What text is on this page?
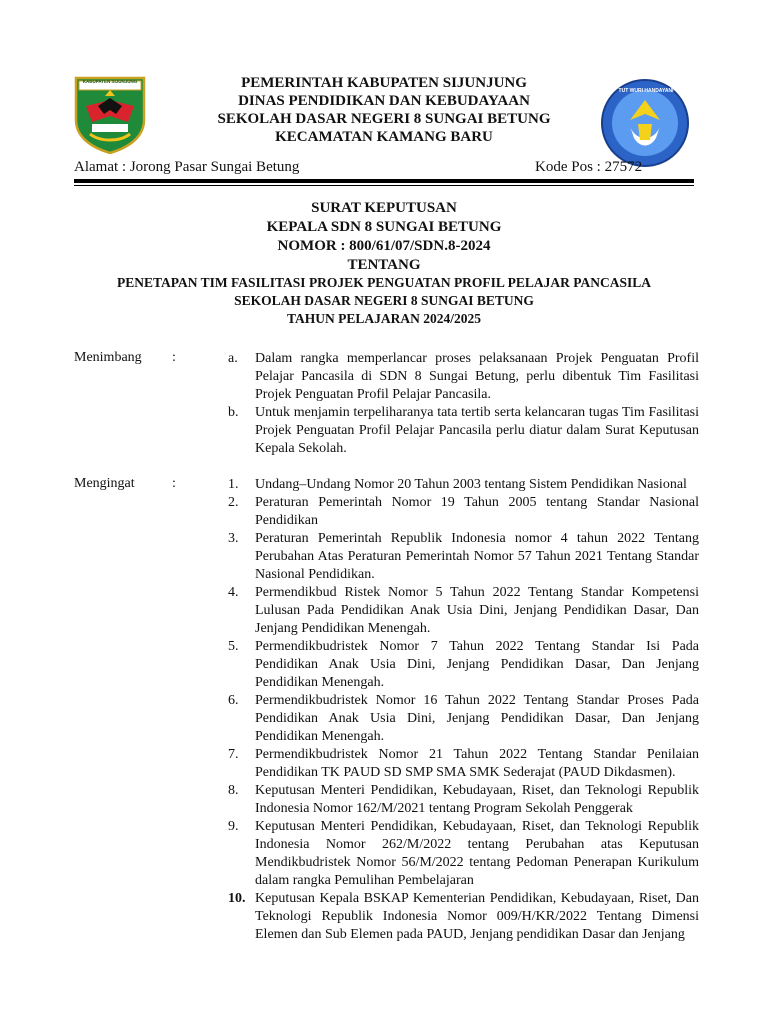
KABUPATEN SIJUNJUNG
TUT WURI HANDAYANI
PEMERINTAH KABUPATEN SIJUNJUNG
DINAS PENDIDIKAN DAN KEBUDAYAAN
SEKOLAH DASAR NEGERI 8 SUNGAI BETUNG
KECAMATAN KAMANG BARU
Alamat : Jorong Pasar Sungai Betung	Kode Pos : 27572
SURAT KEPUTUSAN
KEPALA SDN 8 SUNGAI BETUNG
NOMOR : 800/61/07/SDN.8-2024
TENTANG
PENETAPAN TIM FASILITASI PROJEK PENGUATAN PROFIL PELAJAR PANCASILA
SEKOLAH DASAR NEGERI 8 SUNGAI BETUNG
TAHUN PELAJARAN 2024/2025
Menimbang :	a.	Dalam rangka memperlancar proses pelaksanaan Projek Penguatan Profil Pelajar Pancasila di SDN 8 Sungai Betung, perlu dibentuk Tim Fasilitasi Projek Penguatan Profil Pelajar Pancasila.
b.	Untuk menjamin terpeliharanya tata tertib serta kelancaran tugas Tim Fasilitasi Projek Penguatan Profil Pelajar Pancasila perlu diatur dalam Surat Keputusan Kepala Sekolah.
Mengingat	:	1.	Undang–Undang Nomor 20 Tahun 2003 tentang Sistem Pendidikan Nasional
2.	Peraturan Pemerintah Nomor 19 Tahun 2005 tentang Standar Nasional Pendidikan
3.	Peraturan Pemerintah Republik Indonesia nomor 4 tahun 2022 Tentang Perubahan Atas Peraturan Pemerintah Nomor 57 Tahun 2021 Tentang Standar Nasional Pendidikan.
4.	Permendikbud Ristek Nomor 5 Tahun 2022 Tentang Standar Kompetensi Lulusan Pada Pendidikan Anak Usia Dini, Jenjang Pendidikan Dasar, Dan Jenjang Pendidikan Menengah.
5.	Permendikbudristek Nomor 7 Tahun 2022 Tentang Standar Isi Pada Pendidikan Anak Usia Dini, Jenjang Pendidikan Dasar, Dan Jenjang Pendidikan Menengah.
6.	Permendikbudristek Nomor 16 Tahun 2022 Tentang Standar Proses Pada Pendidikan Anak Usia Dini, Jenjang Pendidikan Dasar, Dan Jenjang Pendidikan Menengah.
7.	Permendikbudristek Nomor 21 Tahun 2022 Tentang Standar Penilaian Pendidikan TK PAUD SD SMP SMA SMK Sederajat (PAUD Dikdasmen).
8.	Keputusan Menteri Pendidikan, Kebudayaan, Riset, dan Teknologi Republik Indonesia Nomor 162/M/2021 tentang Program Sekolah Penggerak
9.	Keputusan Menteri Pendidikan, Kebudayaan, Riset, dan Teknologi Republik Indonesia Nomor 262/M/2022 tentang Perubahan atas Keputusan Mendikbudristek Nomor 56/M/2022 tentang Pedoman Penerapan Kurikulum dalam rangka Pemulihan Pembelajaran
10. Keputusan Kepala BSKAP Kementerian Pendidikan, Kebudayaan, Riset, Dan Teknologi Republik Indonesia Nomor 009/H/KR/2022 Tentang Dimensi Elemen dan Sub Elemen pada PAUD, Jenjang pendidikan Dasar dan Jenjang
